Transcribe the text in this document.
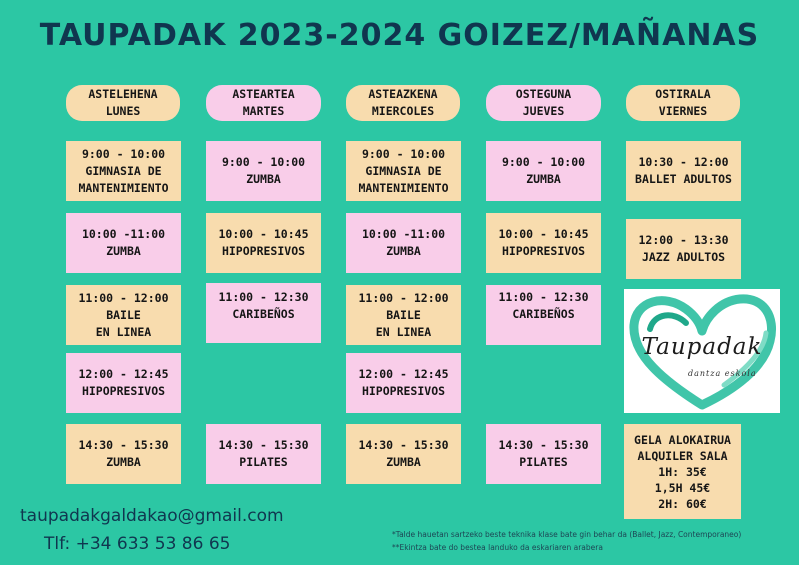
TAUPADAK 2023-2024 GOIZEZ/MAÑANAS
ASTELEHENA
LUNES
ASTEARTEA
MARTES
ASTEAZKENA
MIERCOLES
OSTEGUNA
JUEVES
OSTIRALA
VIERNES
9:00 - 10:00
GIMNASIA DE
MANTENIMIENTO
10:00 -11:00
ZUMBA
11:00 - 12:00
BAILE
EN LINEA
12:00 - 12:45
HIPOPRESIVOS
14:30 - 15:30
ZUMBA
9:00 - 10:00
ZUMBA
10:00 - 10:45
HIPOPRESIVOS
11:00 - 12:30
CARIBEÑOS
14:30 - 15:30
PILATES
9:00 - 10:00
GIMNASIA DE
MANTENIMIENTO
10:00 -11:00
ZUMBA
11:00 - 12:00
BAILE
EN LINEA
12:00 - 12:45
HIPOPRESIVOS
14:30 - 15:30
ZUMBA
9:00 - 10:00
ZUMBA
10:00 - 10:45
HIPOPRESIVOS
11:00 - 12:30
CARIBEÑOS
14:30 - 15:30
PILATES
10:30 - 12:00
BALLET ADULTOS
12:00 - 13:30
JAZZ ADULTOS
Taupadak
dantza eskola
GELA ALOKAIRUA
ALQUILER SALA
1H: 35€
1,5H 45€
2H: 60€
taupadakgaldakao@gmail.com
Tlf: +34 633 53 86 65	*Talde hauetan sartzeko beste teknika klase bate gin behar da (Ballet, Jazz, Contemporaneo)
**Ekintza bate do bestea landuko da eskariaren arabera
